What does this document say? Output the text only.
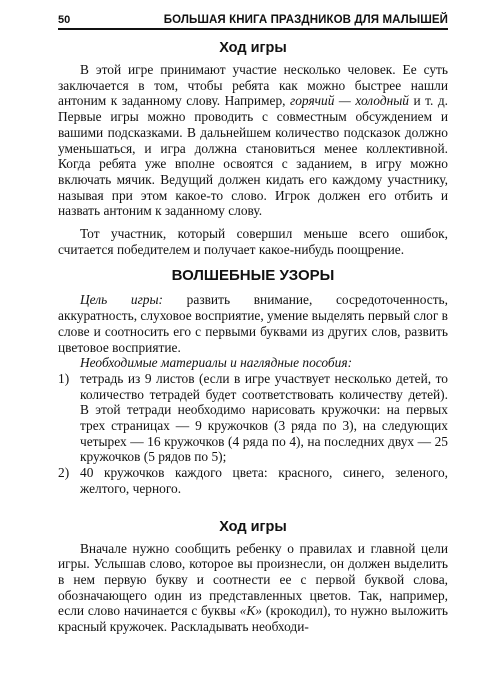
50	БОЛЬШАЯ КНИГА ПРАЗДНИКОВ ДЛЯ МАЛЫШЕЙ
Ход игры

В этой игре принимают участие несколько человек. Ее суть заключается в том, чтобы ребята как можно быстрее нашли антоним к заданному слову. Например, горячий — холодный и т. д. Первые игры можно проводить с совместным обсуждением и вашими подсказками. В дальнейшем количество подсказок должно уменьшаться, и игра должна становиться менее коллективной. Когда ребята уже вполне освоятся с заданием, в игру можно включать мячик. Ведущий должен кидать его каждому участнику, называя при этом какое-то слово. Игрок должен его отбить и назвать антоним к заданному слову.

Тот участник, который совершил меньше всего ошибок, считается победителем и получает какое-нибудь поощрение.

ВОЛШЕБНЫЕ УЗОРЫ

Цель игры: развить внимание, сосредоточенность, аккуратность, слуховое восприятие, умение выделять первый слог в слове и соотносить его с первыми буквами из других слов, развить цветовое восприятие.

Необходимые материалы и наглядные пособия:

1) тетрадь из 9 листов (если в игре участвует несколько детей, то количество тетрадей будет соответствовать количеству детей). В этой тетради необходимо нарисовать кружочки: на первых трех страницах — 9 кружочков (3 ряда по 3), на следующих четырех — 16 кружочков (4 ряда по 4), на последних двух — 25 кружочков (5 рядов по 5);
2) 40 кружочков каждого цвета: красного, синего, зеленого, желтого, черного.
Ход игры

Вначале нужно сообщить ребенку о правилах и главной цели игры. Услышав слово, которое вы произнесли, он должен выделить в нем первую букву и соотнести ее с первой буквой слова, обозначающего один из представленных цветов. Так, например, если слово начинается с буквы «К» (крокодил), то нужно выложить красный кружочек. Раскладывать необходи-
